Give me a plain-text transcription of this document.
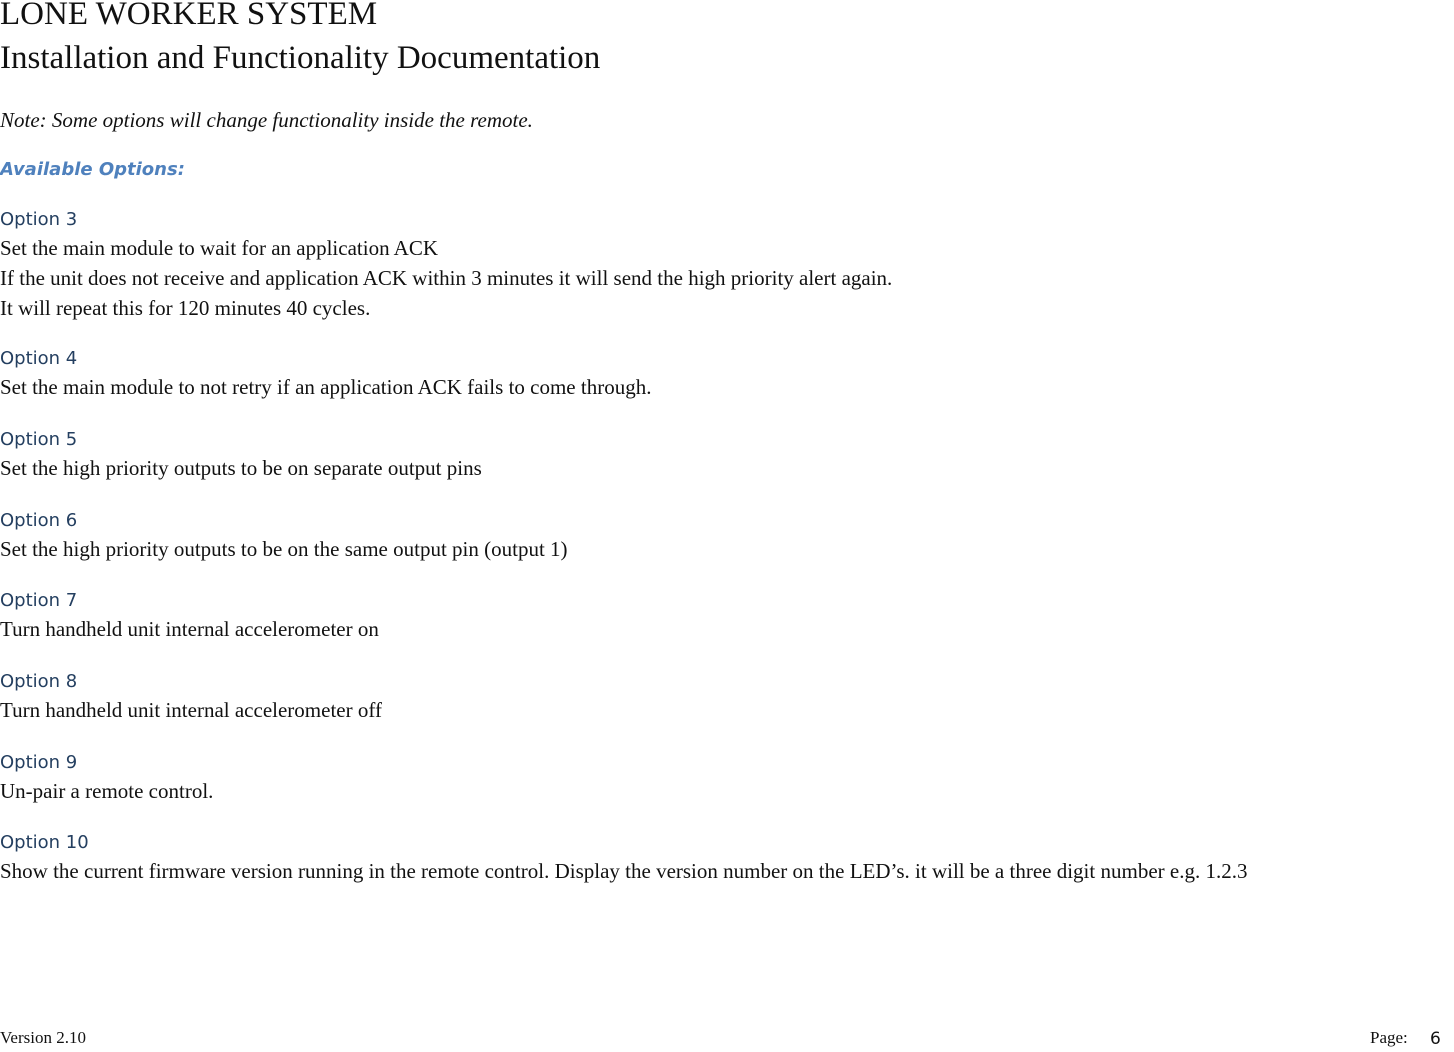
LONE WORKER SYSTEM
Installation and Functionality Documentation

Note: Some options will change functionality inside the remote.

Available Options:

Option 3
Set the main module to wait for an application ACK
If the unit does not receive and application ACK within 3 minutes it will send the high priority alert again.
It will repeat this for 120 minutes 40 cycles.
Option 4
Set the main module to not retry if an application ACK fails to come through.
Option 5
Set the high priority outputs to be on separate output pins
Option 6
Set the high priority outputs to be on the same output pin (output 1)
Option 7
Turn handheld unit internal accelerometer on
Option 8
Turn handheld unit internal accelerometer off
Option 9
Un-pair a remote control.
Option 10
Show the current firmware version running in the remote control. Display the version number on the LED’s. it will be a three digit number e.g. 1.2.3
Version 2.10	Page: 6
